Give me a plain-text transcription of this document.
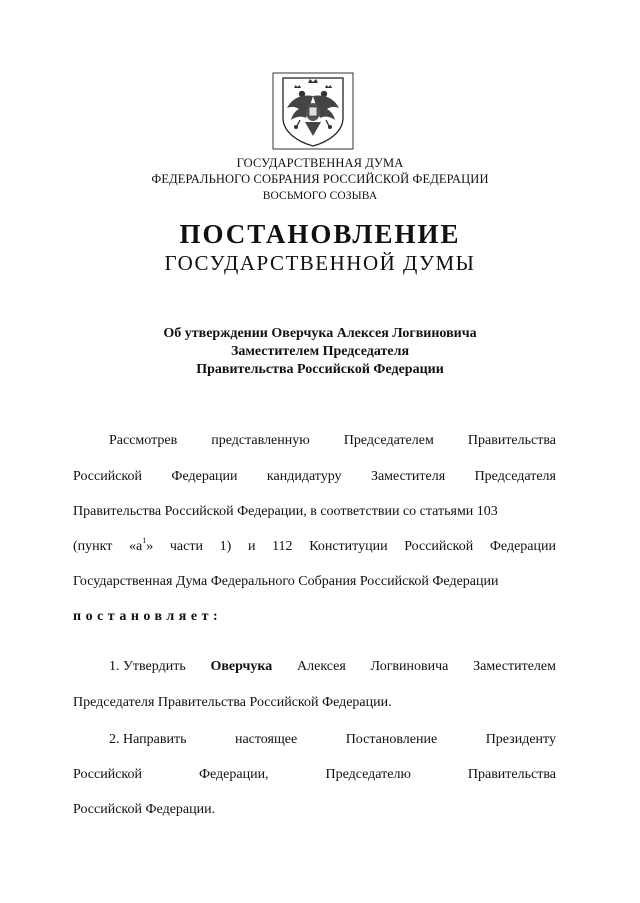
ГОСУДАРСТВЕННАЯ ДУМА
ФЕДЕРАЛЬНОГО СОБРАНИЯ РОССИЙСКОЙ ФЕДЕРАЦИИ
ВОСЬМОГО СОЗЫВА
ПОСТАНОВЛЕНИЕ
ГОСУДАРСТВЕННОЙ ДУМЫ
Об утверждении Оверчука Алексея Логвиновича
Заместителем Председателя
Правительства Российской Федерации
Рассмотрев представленную Председателем Правительства
Российской Федерации кандидатуру Заместителя Председателя
Правительства Российской Федерации, в соответствии со статьями 103
(пункт «$а^1$» части 1) и 112 Конституции Российской Федерации
Государственная Дума Федерального Собрания Российской Федерации
постановляет:
1. Утвердить Оверчука Алексея Логвиновича Заместителем
Председателя Правительства Российской Федерации.
2. Направить	настоящее	Постановление	Президенту
Российской	Федерации,	Председателю	Правительства
Российской Федерации.
